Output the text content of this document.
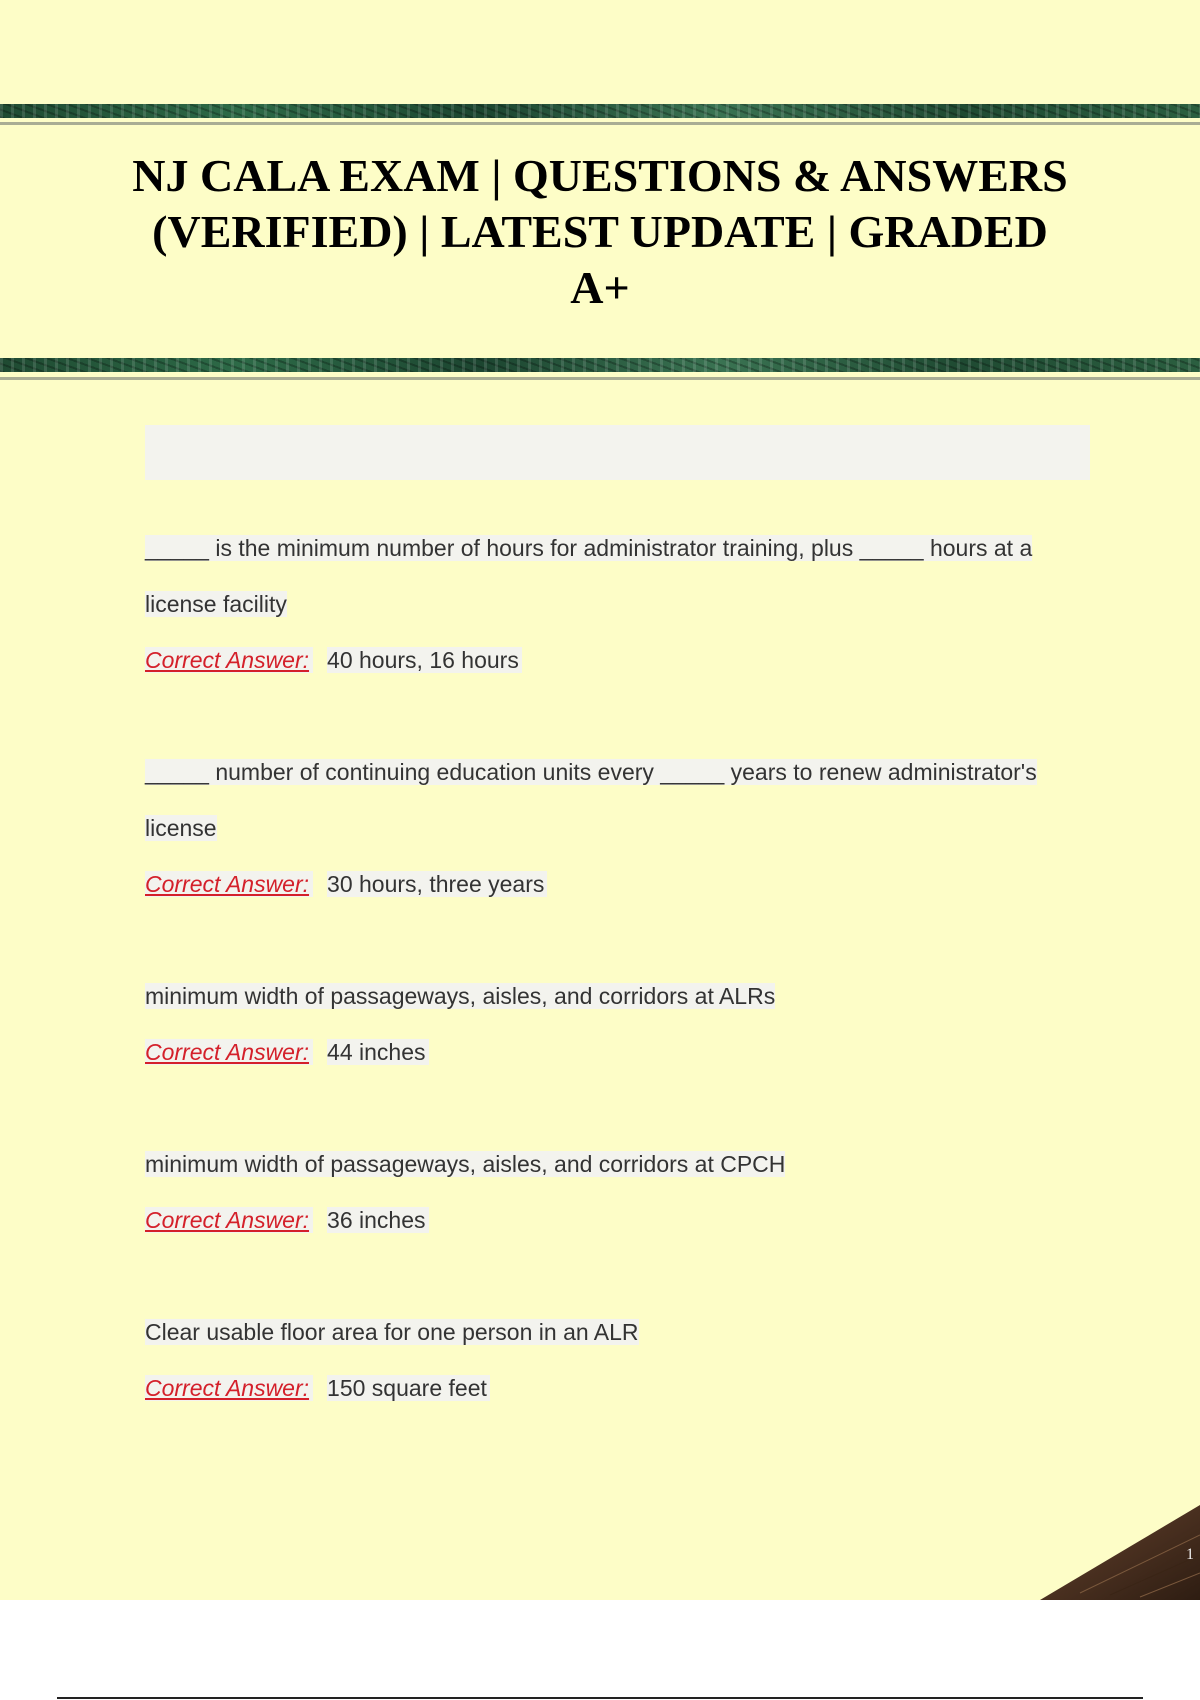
NJ CALA EXAM | QUESTIONS & ANSWERS (VERIFIED) | LATEST UPDATE | GRADED A+

_____ is the minimum number of hours for administrator training, plus _____ hours at a license facility

Correct Answer: 40 hours, 16 hours

_____ number of continuing education units every _____ years to renew administrator's license

Correct Answer: 30 hours, three years

minimum width of passageways, aisles, and corridors at ALRs

Correct Answer: 44 inches

minimum width of passageways, aisles, and corridors at CPCH

Correct Answer: 36 inches

Clear usable floor area for one person in an ALR

Correct Answer: 150 square feet

1
